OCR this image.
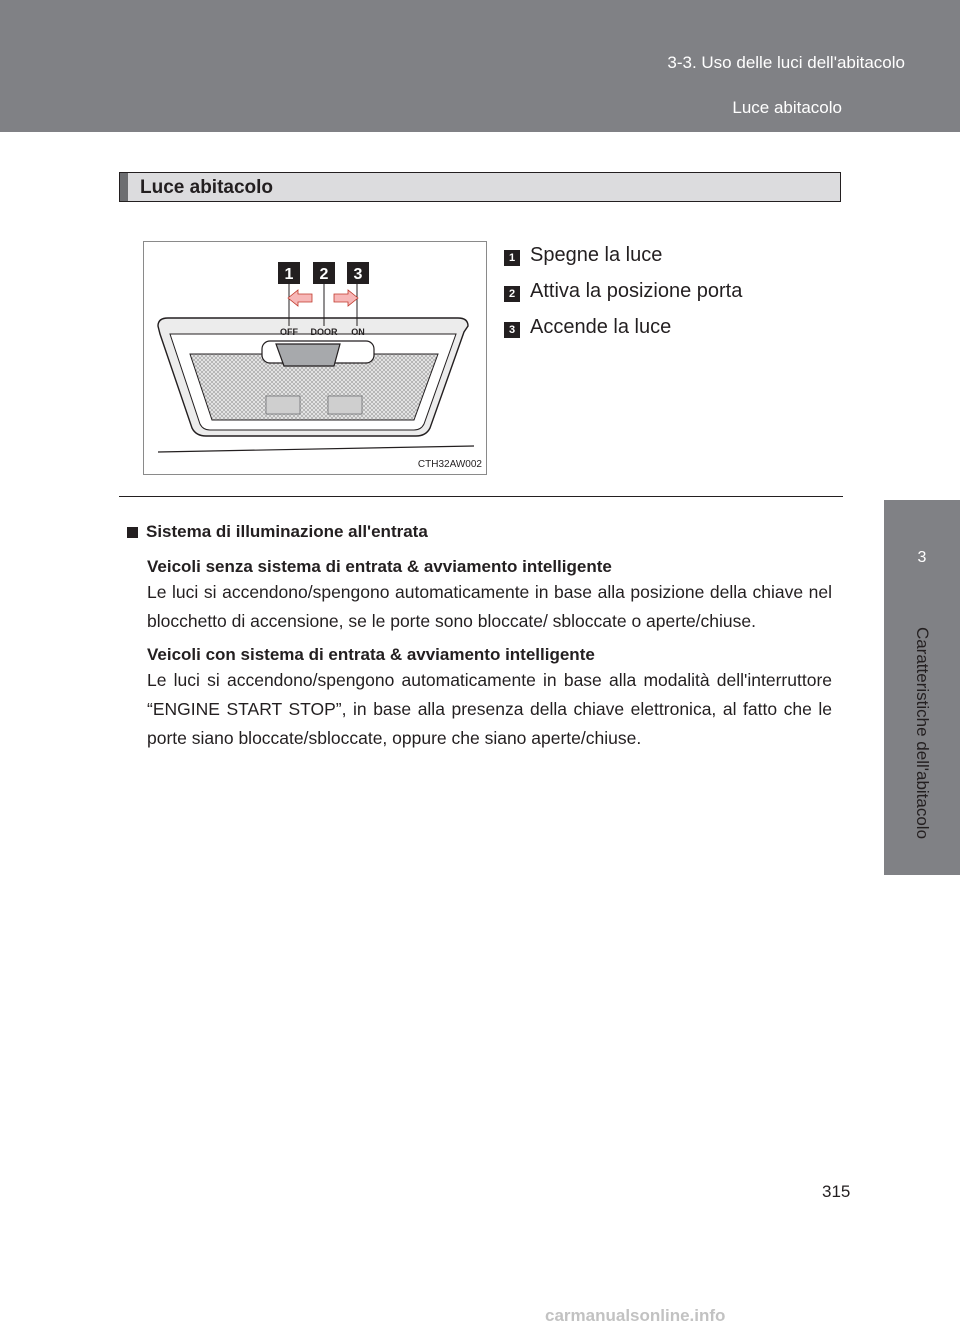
3-3. Uso delle luci dell'abitacolo
Luce abitacolo
3
Caratteristiche dell'abitacolo
Luce abitacolo
1 2 3
OFF DOOR ON
CTH32AW002
1 Spegne la luce
2 Attiva la posizione porta
3 Accende la luce
Sistema di illuminazione all'entrata

Veicoli senza sistema di entrata & avviamento intelligente

Le luci si accendono/spengono automaticamente in base alla posizione della chiave nel blocchetto di accensione, se le porte sono bloccate/ sbloccate o aperte/chiuse.

Veicoli con sistema di entrata & avviamento intelligente

Le luci si accendono/spengono automaticamente in base alla modalità dell'interruttore “ENGINE START STOP”, in base alla presenza della chiave elettronica, al fatto che le porte siano bloccate/sbloccate, oppure che siano aperte/chiuse.

315
carmanualsonline.info
